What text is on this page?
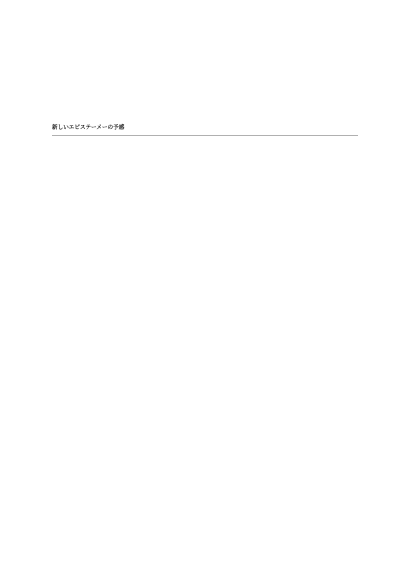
新しいエピステーメーの予感
